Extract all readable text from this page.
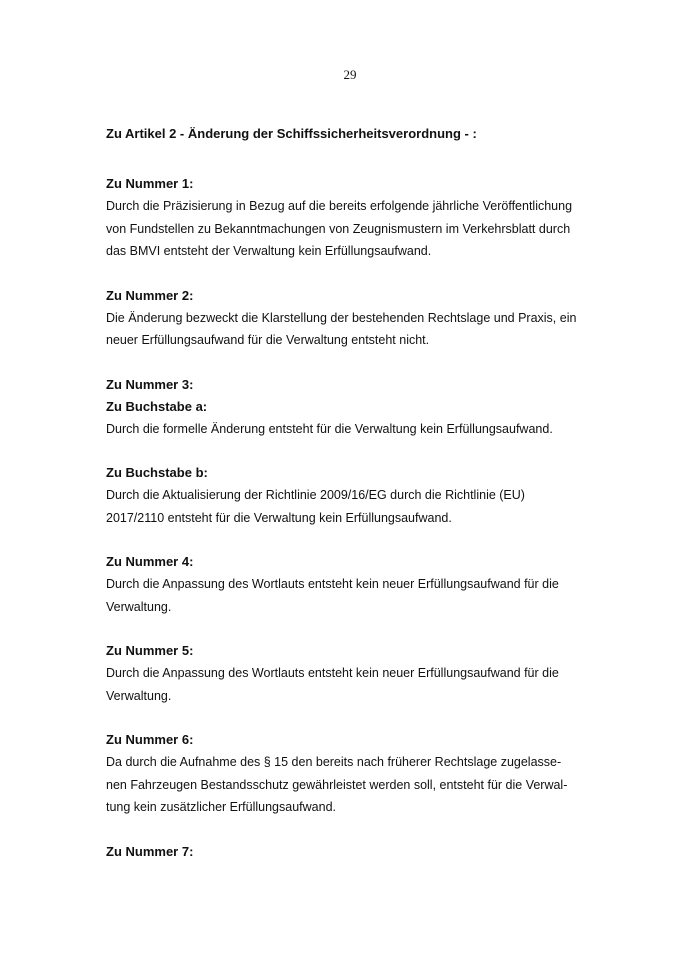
29
Zu Artikel 2 - Änderung der Schiffssicherheitsverordnung - :
Zu Nummer 1:

Durch die Präzisierung in Bezug auf die bereits erfolgende jährliche Veröffentlichung
von Fundstellen zu Bekanntmachungen von Zeugnismustern im Verkehrsblatt durch
das BMVI entsteht der Verwaltung kein Erfüllungsaufwand.

Zu Nummer 2:

Die Änderung bezweckt die Klarstellung der bestehenden Rechtslage und Praxis, ein
neuer Erfüllungsaufwand für die Verwaltung entsteht nicht.

Zu Nummer 3:
Zu Buchstabe a:

Durch die formelle Änderung entsteht für die Verwaltung kein Erfüllungsaufwand.

Zu Buchstabe b:

Durch die Aktualisierung der Richtlinie 2009/16/EG durch die Richtlinie (EU)
2017/2110 entsteht für die Verwaltung kein Erfüllungsaufwand.

Zu Nummer 4:

Durch die Anpassung des Wortlauts entsteht kein neuer Erfüllungsaufwand für die
Verwaltung.

Zu Nummer 5:

Durch die Anpassung des Wortlauts entsteht kein neuer Erfüllungsaufwand für die
Verwaltung.

Zu Nummer 6:

Da durch die Aufnahme des § 15 den bereits nach früherer Rechtslage zugelasse-
nen Fahrzeugen Bestandsschutz gewährleistet werden soll, entsteht für die Verwal-
tung kein zusätzlicher Erfüllungsaufwand.

Zu Nummer 7:
